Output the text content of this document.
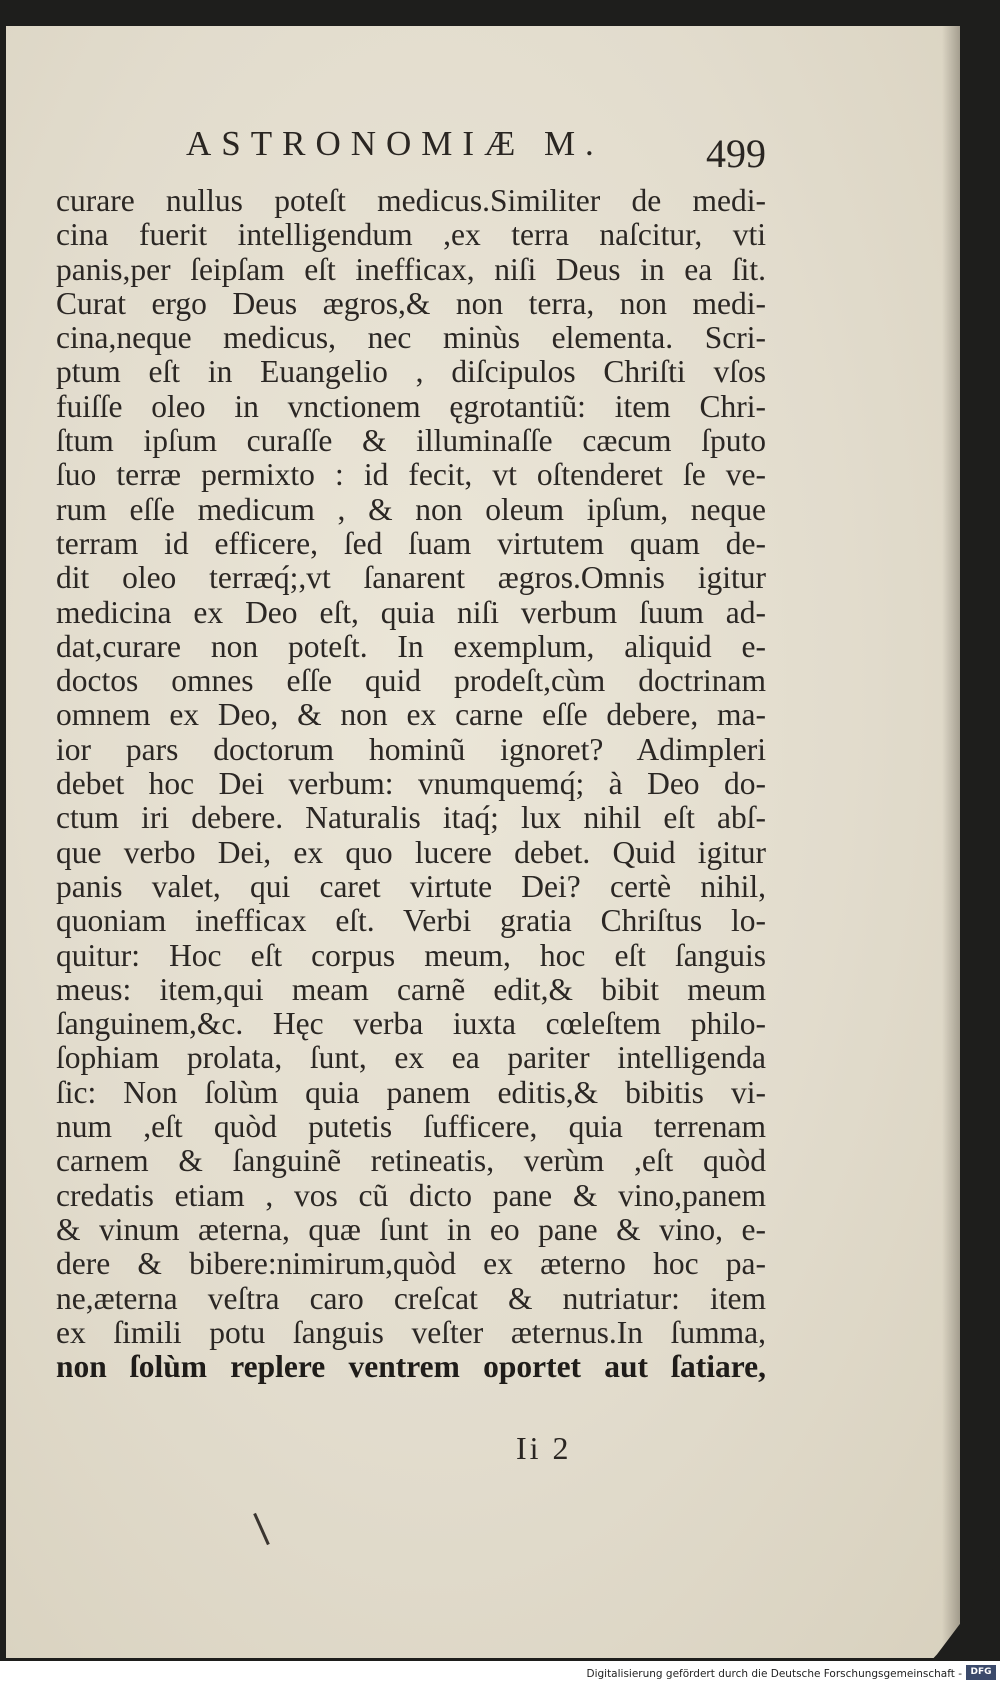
ASTRONOMIÆ M.	499
curare nullus poteſt medicus.Similiter de medi-
cina fuerit intelligendum ,ex terra naſcitur, vti
panis,per ſeipſam eſt inefficax, niſi Deus in ea ſit.
Curat ergo Deus ægros,& non terra, non medi-
cina,neque medicus, nec minùs elementa. Scri-
ptum eſt in Euangelio , diſcipulos Chriſti vſos
fuiſſe oleo in vnctionem ęgrotantiũ: item Chri-
ſtum ipſum curaſſe & illuminaſſe cæcum ſputo
ſuo terræ permixto : id fecit, vt oſtenderet ſe ve-
rum eſſe medicum , & non oleum ipſum, neque
terram id efficere, ſed ſuam virtutem quam de-
dit oleo terræq́;,vt ſanarent ægros.Omnis igitur
medicina ex Deo eſt, quia niſi verbum ſuum ad-
dat,curare non poteſt. In exemplum, aliquid e-
doctos omnes eſſe quid prodeſt,cùm doctrinam
omnem ex Deo, & non ex carne eſſe debere, ma-
ior pars doctorum hominũ ignoret? Adimpleri
debet hoc Dei verbum: vnumquemq́; à Deo do-
ctum iri debere. Naturalis itaq́; lux nihil eſt abſ-
que verbo Dei, ex quo lucere debet. Quid igitur
panis valet, qui caret virtute Dei? certè nihil,
quoniam inefficax eſt. Verbi gratia Chriſtus lo-
quitur: Hoc eſt corpus meum, hoc eſt ſanguis
meus: item,qui meam carnẽ edit,& bibit meum
ſanguinem,&c. Hęc verba iuxta cœleſtem philo-
ſophiam prolata, ſunt, ex ea pariter intelligenda
ſic: Non ſolùm quia panem editis,& bibitis vi-
num ,eſt quòd putetis ſufficere, quia terrenam
carnem & ſanguinẽ retineatis, verùm ,eſt quòd
credatis etiam , vos cũ dicto pane & vino,panem
& vinum æterna, quæ ſunt in eo pane & vino, e-
dere & bibere:nimirum,quòd ex æterno hoc pa-
ne,æterna veſtra caro creſcat & nutriatur: item
ex ſimili potu ſanguis veſter æternus.In ſumma,
non ſolùm replere ventrem oportet aut ſatiare,
Ii 2
Digitalisierung gefördert durch die Deutsche Forschungsgemeinschaft - DFG
